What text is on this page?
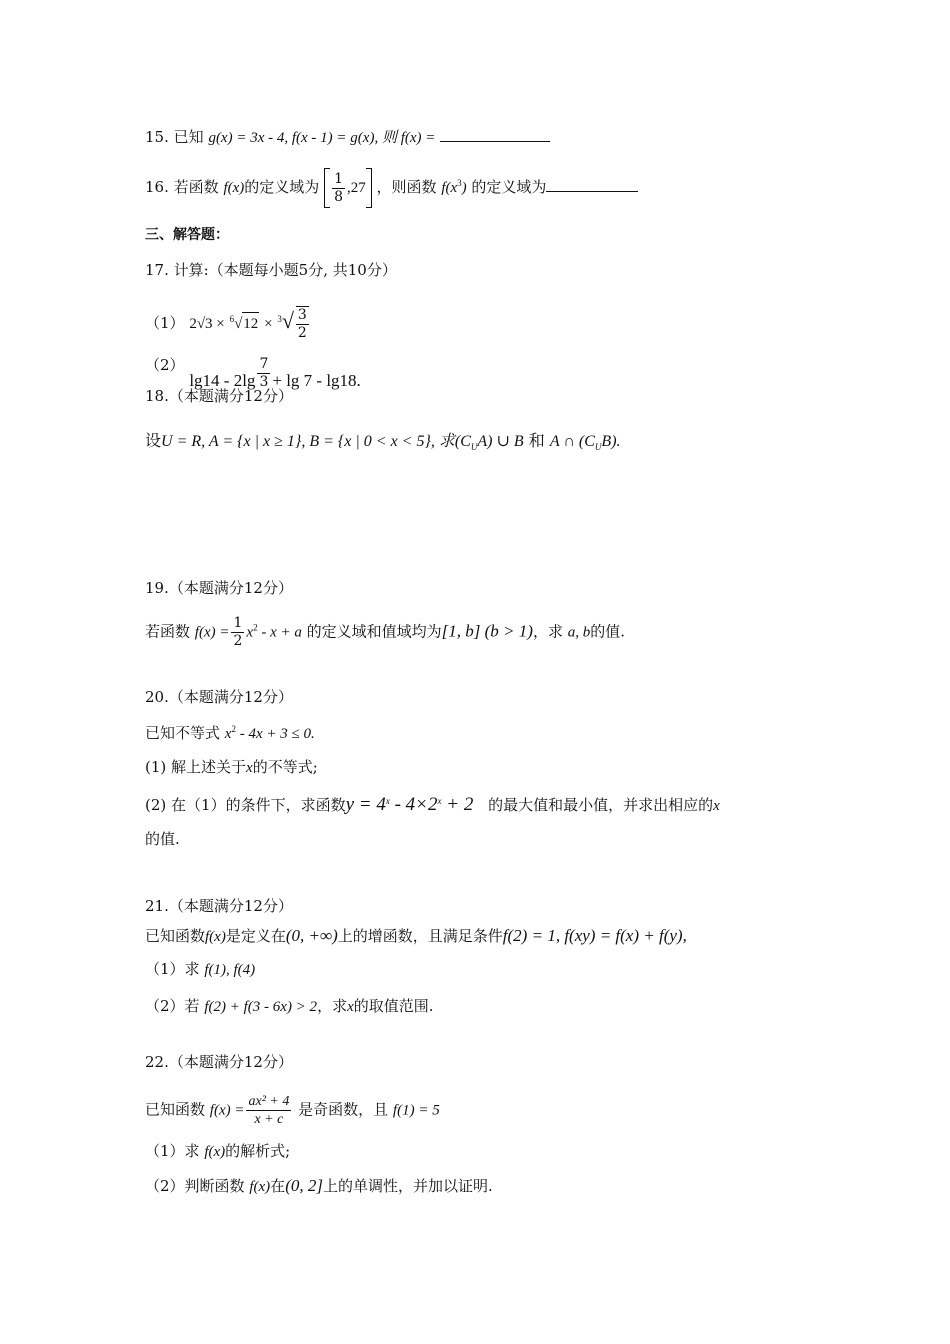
15. 已知 g(x) = 3x - 4, f(x - 1) = g(x), 则 f(x) =
16. 若函数 f(x)的定义域为 $\frac{1}{8} ,27$ ，则函数 $f(x^3)$ 的定义域为
三、解答题：
17. 计算:（本题每小题5分, 共10分）
（1） $2√3 \times ^6√12 \times ^3√ \frac{3}{2}$
（2） $\lg 14 - 2\lg \frac{7}{3} + \lg 7 - \lg 18$.
18.（本题满分12分）
设U = R, A = {x | x ≥ 1}, B = {x | 0 < x < 5}, 求$(C_UA)$ ∪ B 和 A ∩ $(C_UB)$.
19.（本题满分12分）
若函数 $f(x) = \frac{1}{2} x^2 - x + a$ 的定义域和值域均为[1, b] (b > 1)，求 a, b的值.
20.（本题满分12分）
已知不等式 $x^2 - 4x + 3 \le 0$.
(1) 解上述关于x的不等式;
(2) 在（1）的条件下，求函数$y = 4^x - 4\times 2^x + 2$ 的最大值和最小值，并求出相应的x
的值.
21.（本题满分12分）
已知函数f(x)是定义在(0, +∞)上的增函数，且满足条件f(2) = 1, f(xy) = f(x) + f(y),
（1）求 f(1), f(4)
（2）若 f(2) + f(3 - 6x) > 2，求x的取值范围.
22.（本题满分12分）
已知函数 $f(x) = \frac{\text{ax² + 4}}{x + c}$ 是奇函数，且 f(1) = 5
（1）求 f(x)的解析式;
（2）判断函数 f(x)在(0, 2]上的单调性，并加以证明.
